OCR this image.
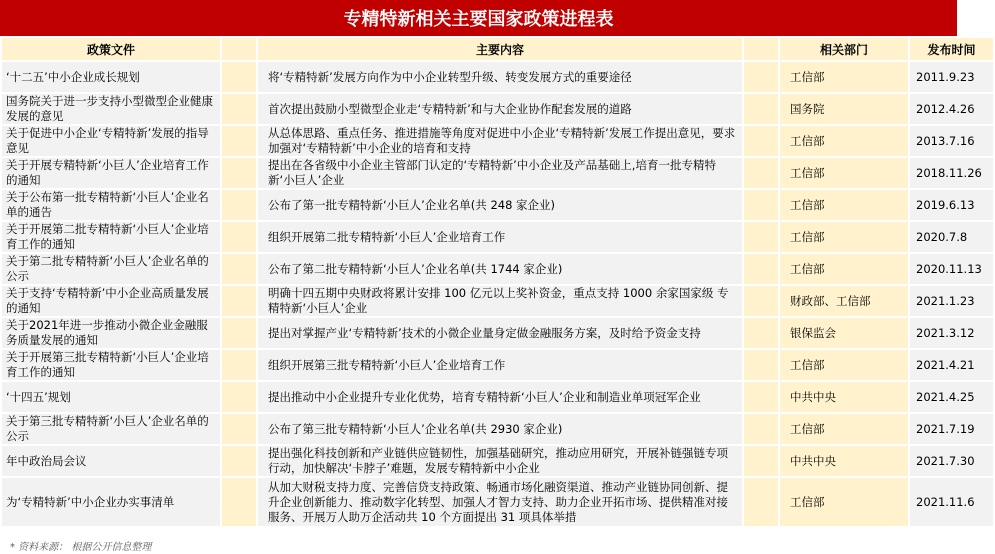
专精特新相关主要国家政策进程表
政策文件		主要内容		相关部门	发布时间
‘十二五’中小企业成长规划		将‘专精特新’发展方向作为中小企业转型升级、转变发展方式的重要途径		工信部	2011.9.23
国务院关于进一步支持小型微型企业健康发展的意见		首次提出鼓励小型微型企业走‘专精特新’和与大企业协作配套发展的道路		国务院	2012.4.26
关于促进中小企业‘专精特新’发展的指导意见		从总体思路、重点任务、推进措施等角度对促进中小企业‘专精特新’发展工作提出意见，要求加强对‘专精特新’中小企业的培育和支持		工信部	2013.7.16
关于开展专精特新‘小巨人’企业培育工作的通知		提出在各省级中小企业主管部门认定的‘专精特新’中小企业及产品基础上,培育一批专精特新‘小巨人’企业		工信部	2018.11.26
关于公布第一批专精特新‘小巨人’企业名单的通告		公布了第一批专精特新‘小巨人’企业名单(共 248 家企业)		工信部	2019.6.13
关于开展第二批专精特新‘小巨人’企业培育工作的通知		组织开展第二批专精特新‘小巨人’企业培育工作		工信部	2020.7.8
关于第二批专精特新‘小巨人’企业名单的公示		公布了第二批专精特新‘小巨人’企业名单(共 1744 家企业)		工信部	2020.11.13
关于支持‘专精特新’中小企业高质量发展的通知		明确十四五期中央财政将累计安排 100 亿元以上奖补资金，重点支持 1000 余家国家级 专精特新‘小巨人’企业		财政部、工信部	2021.1.23
关于2021年进一步推动小微企业金融服务质量发展的通知		提出对掌握产业‘专精特新’技术的小微企业量身定做金融服务方案，及时给予资金支持		银保监会	2021.3.12
关于开展第三批专精特新‘小巨人’企业培育工作的通知		组织开展第三批专精特新‘小巨人’企业培育工作		工信部	2021.4.21
‘十四五’规划		提出推动中小企业提升专业化优势，培育专精特新‘小巨人’企业和制造业单项冠军企业		中共中央	2021.4.25
关于第三批专精特新‘小巨人’企业名单的公示		公布了第三批专精特新‘小巨人’企业名单(共 2930 家企业)		工信部	2021.7.19
年中政治局会议		提出强化科技创新和产业链供应链韧性，加强基础研究，推动应用研究，开展补链强链专项行动，加快解决‘卡脖子’难题，发展专精特新中小企业		中共中央	2021.7.30
为‘专精特新’中小企业办实事清单		从加大财税支持力度、完善信贷支持政策、畅通市场化融资渠道、推动产业链协同创新、提升企业创新能力、推动数字化转型、加强人才智力支持、助力企业开拓市场、提供精准对接服务、开展万人助万企活动共 10 个方面提出 31 项具体举措		工信部	2021.11.6
* 资料来源： 根据公开信息整理
